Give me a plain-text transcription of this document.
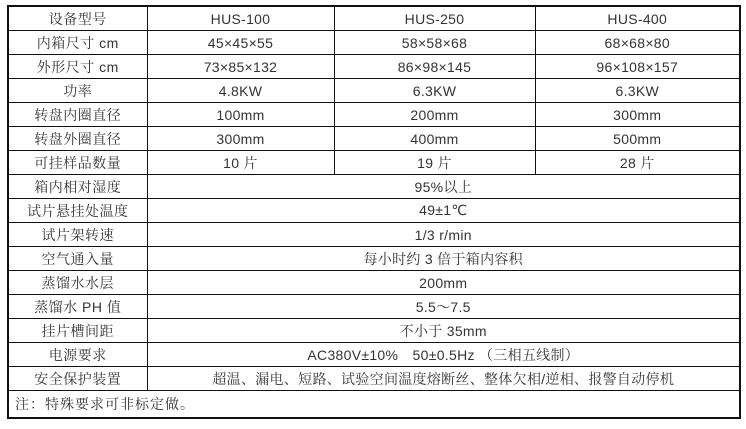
设备型号	HUS-100	HUS-250	HUS-400
内箱尺寸 cm	45×45×55	58×58×68	68×68×80
外形尺寸 cm	73×85×132	86×98×145	96×108×157
功率	4.8KW	6.3KW	6.3KW
转盘内圈直径	100mm	200mm	300mm
转盘外圈直径	300mm	400mm	500mm
可挂样品数量	10 片	19 片	28 片
箱内相对湿度	95%以上		
试片悬挂处温度	49±1℃		
试片架转速	1/3 r/min		
空气通入量	每小时约 3 倍于箱内容积		
蒸馏水水层	200mm		
蒸馏水 PH 值	5.5～7.5		
挂片槽间距	不小于 35mm		
电源要求	AC380V±10%　50±0.5Hz （三相五线制）		
安全保护装置	超温、漏电、短路、试验空间温度熔断丝、整体欠相/逆相、报警自动停机		
注：特殊要求可非标定做。			
